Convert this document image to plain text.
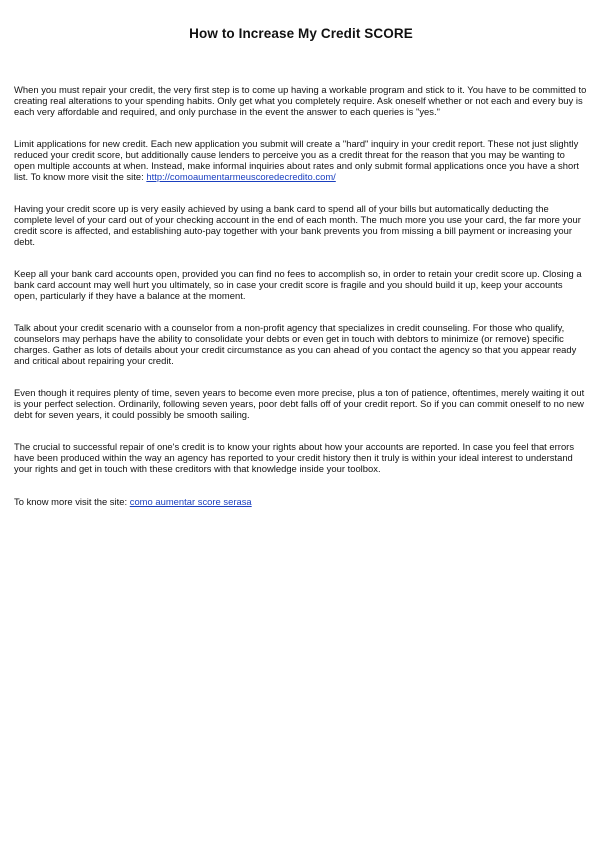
How to Increase My Credit SCORE

When you must repair your credit, the very first step is to come up having a workable program and stick to it. You have to be committed to creating real alterations to your spending habits. Only get what you completely require. Ask oneself whether or not each and every buy is each very affordable and required, and only purchase in the event the answer to each queries is "yes."

Limit applications for new credit. Each new application you submit will create a "hard" inquiry in your credit report. These not just slightly reduced your credit score, but additionally cause lenders to perceive you as a credit threat for the reason that you may be wanting to open multiple accounts at when. Instead, make informal inquiries about rates and only submit formal applications once you have a short list. To know more visit the site: http://comoaumentarmeuscoredecredito.com/

Having your credit score up is very easily achieved by using a bank card to spend all of your bills but automatically deducting the complete level of your card out of your checking account in the end of each month. The much more you use your card, the far more your credit score is affected, and establishing auto-pay together with your bank prevents you from missing a bill payment or increasing your debt.

Keep all your bank card accounts open, provided you can find no fees to accomplish so, in order to retain your credit score up. Closing a bank card account may well hurt you ultimately, so in case your credit score is fragile and you should build it up, keep your accounts open, particularly if they have a balance at the moment.

Talk about your credit scenario with a counselor from a non-profit agency that specializes in credit counseling. For those who qualify, counselors may perhaps have the ability to consolidate your debts or even get in touch with debtors to minimize (or remove) specific charges. Gather as lots of details about your credit circumstance as you can ahead of you contact the agency so that you appear ready and critical about repairing your credit.

Even though it requires plenty of time, seven years to become even more precise, plus a ton of patience, oftentimes, merely waiting it out is your perfect selection. Ordinarily, following seven years, poor debt falls off of your credit report. So if you can commit oneself to no new debt for seven years, it could possibly be smooth sailing.

The crucial to successful repair of one's credit is to know your rights about how your accounts are reported. In case you feel that errors have been produced within the way an agency has reported to your credit history then it truly is within your ideal interest to understand your rights and get in touch with these creditors with that knowledge inside your toolbox.

To know more visit the site: como aumentar score serasa
